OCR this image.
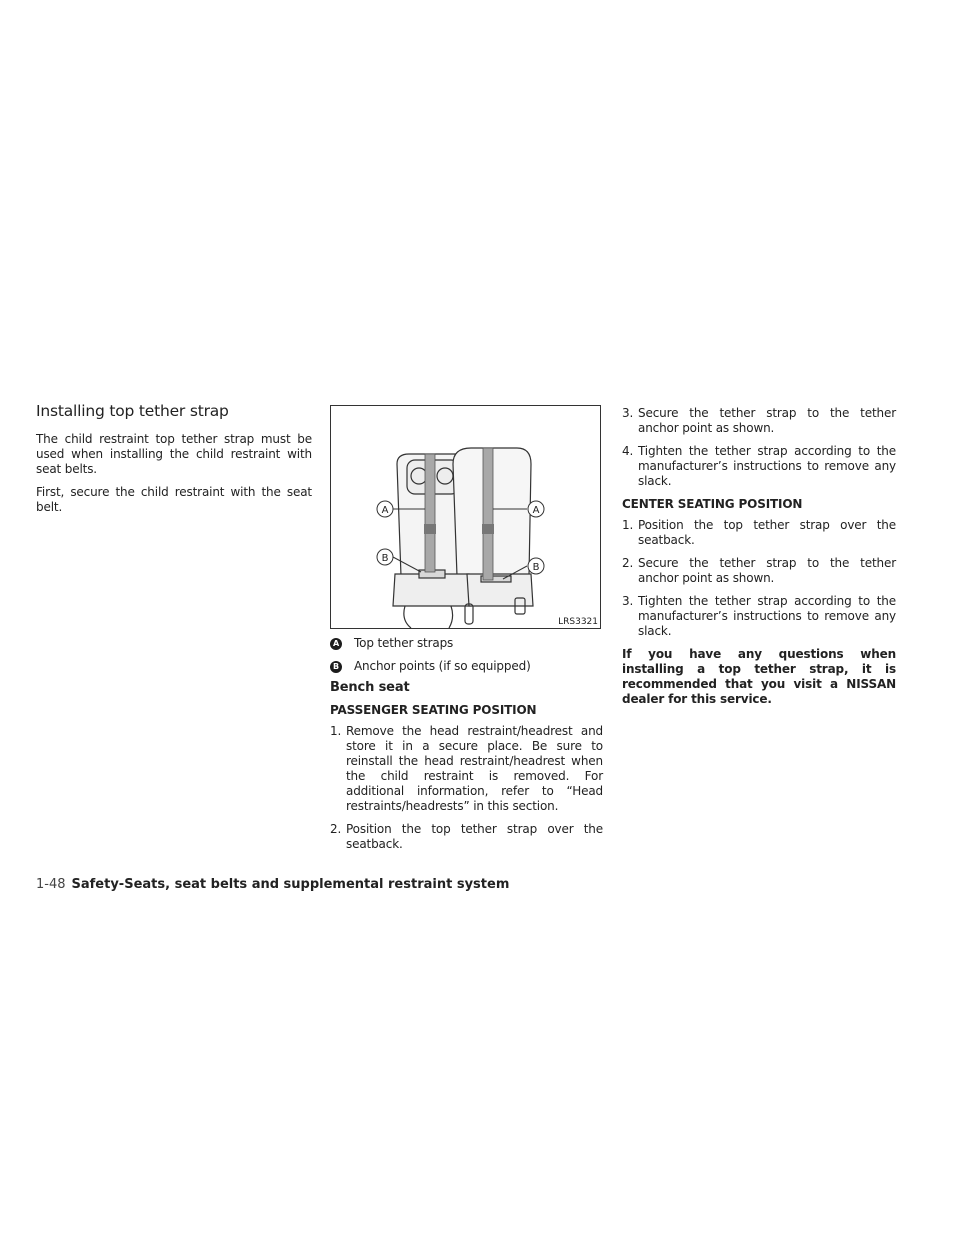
Installing top tether strap

The child restraint top tether strap must be used when installing the child restraint with seat belts.

First, secure the child restraint with the seat belt.	A	A
B
B
LRS3321
A Top tether straps
B Anchor points (if so equipped)
Bench seat
PASSENGER SEATING POSITION
1. Remove the head restraint/headrest and store it in a secure place. Be sure to reinstall the head restraint/headrest when the child restraint is removed. For additional information, refer to “Head restraints/headrests” in this section.
2. Position the top tether strap over the seatback.
3. Secure the tether strap to the tether anchor point as shown.
4. Tighten the tether strap according to the manufacturer’s instructions to remove any slack.
CENTER SEATING POSITION
1. Position the top tether strap over the seatback.
2. Secure the tether strap to the tether anchor point as shown.
3. Tighten the tether strap according to the manufacturer’s instructions to remove any slack.

If you have any questions when installing a top tether strap, it is recommended that you visit a NISSAN dealer for this service.

1-48 Safety-Seats, seat belts and supplemental restraint system
